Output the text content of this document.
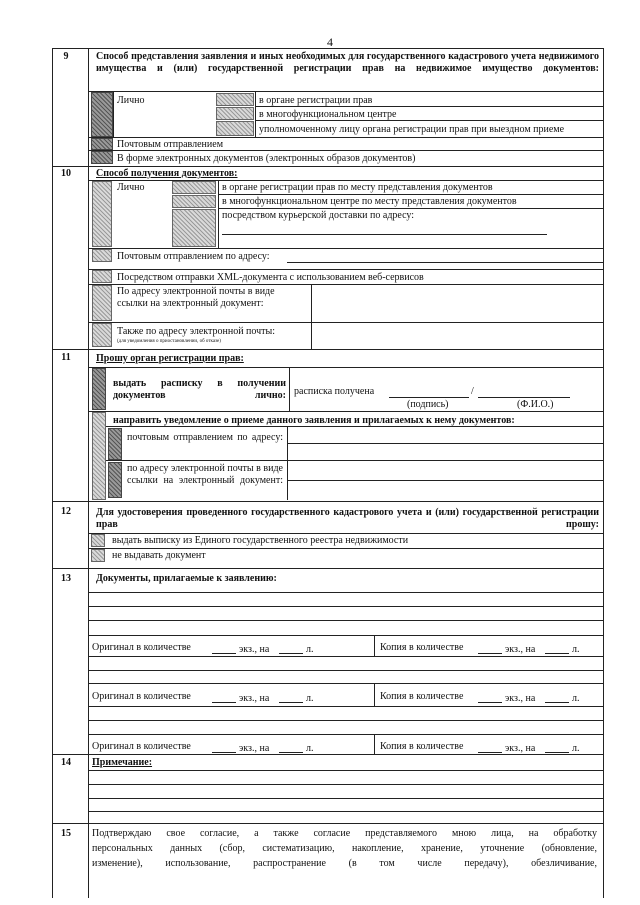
4
9	Способ представления заявления и иных необходимых для государственного кадастрового учета недвижимого имущества и (или) государственной регистрации прав на недвижимое имущество документов:
Лично	в органе регистрации прав
в многофункциональном центре
уполномоченному лицу органа регистрации прав при выездном приеме
Почтовым отправлением
В форме электронных документов (электронных образов документов)
10	Способ получения документов:
Лично	в органе регистрации прав по месту представления документов
в многофункциональном центре по месту представления документов
посредством курьерской доставки по адресу:
Почтовым отправлением по адресу:
Посредством отправки XML-документа с использованием веб-сервисов
По адресу электронной почты в виде ссылки на электронный документ:
Также по адресу электронной почты:
(для уведомления о приостановлении, об отказе)
11	Прошу орган регистрации прав:
выдать расписку в получении документов лично: расписка получена	/
(подпись)	(Ф.И.О.)
направить уведомление о приеме данного заявления и прилагаемых к нему документов:
почтовым отправлением по адресу:
по адресу электронной почты в виде ссылки на электронный документ:
12	Для удостоверения проведенного государственного кадастрового учета и (или) государственной регистрации прав прошу:
выдать выписку из Единого государственного реестра недвижимости
не выдавать документ
13	Документы, прилагаемые к заявлению:
Оригинал в количестве	экз., на	л.	Копия в количестве	экз., на	л.
Оригинал в количестве	экз., на	л.	Копия в количестве	экз., на	л.
Оригинал в количестве	экз., на	л.	Копия в количестве	экз., на	л.
14	Примечание:
15	Подтверждаю свое согласие, а также согласие представляемого мною лица, на обработку
персональных данных (сбор, систематизацию, накопление, хранение, уточнение (обновление,
изменение), использование, распространение (в том числе передачу), обезличивание,
